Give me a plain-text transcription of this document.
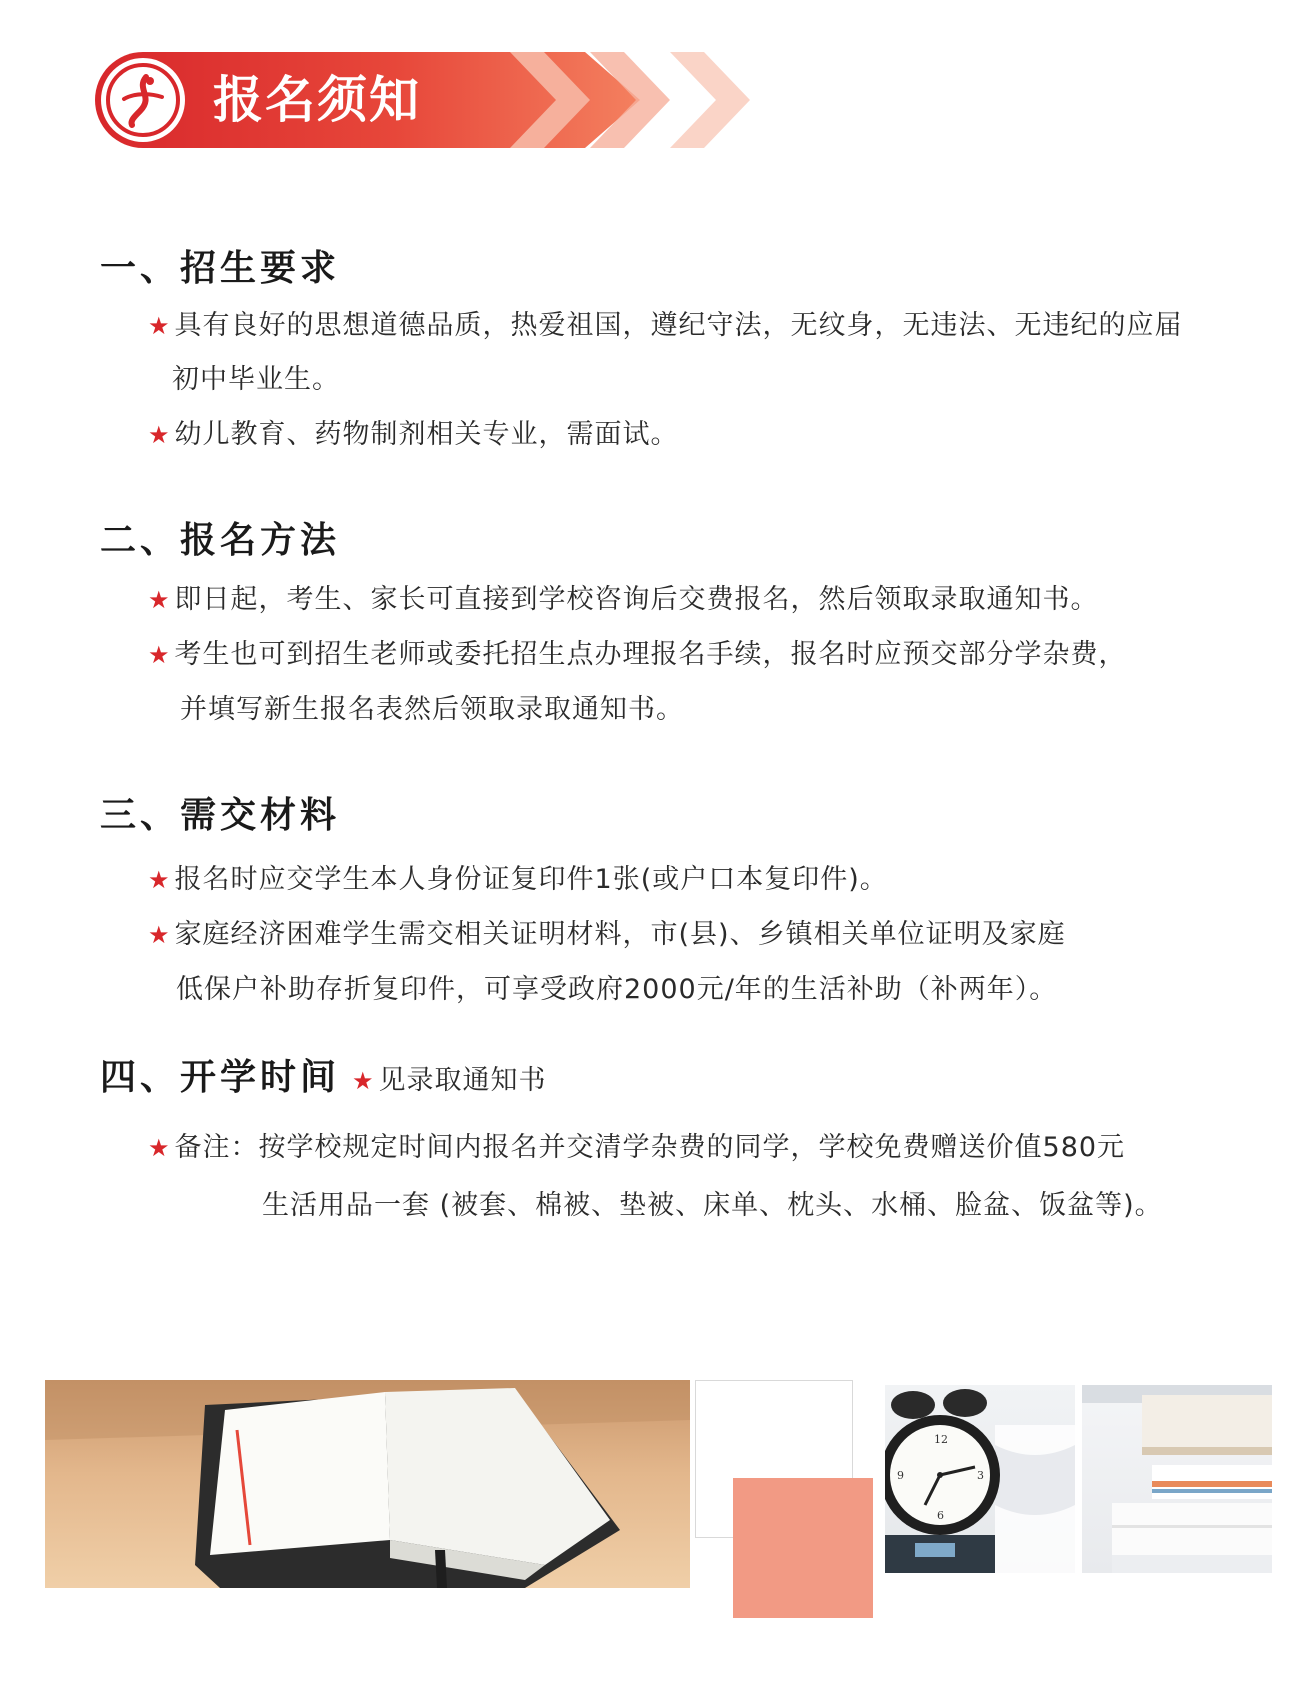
报名须知
一、招生要求
★ 具有良好的思想道德品质，热爱祖国，遵纪守法，无纹身，无违法、无违纪的应届
初中毕业生。
★ 幼儿教育、药物制剂相关专业，需面试。
二、报名方法
★ 即日起，考生、家长可直接到学校咨询后交费报名，然后领取录取通知书。
★ 考生也可到招生老师或委托招生点办理报名手续，报名时应预交部分学杂费，
并填写新生报名表然后领取录取通知书。
三、需交材料
★ 报名时应交学生本人身份证复印件1张(或户口本复印件)。
★ 家庭经济困难学生需交相关证明材料，市(县)、乡镇相关单位证明及家庭
低保户补助存折复印件，可享受政府2000元/年的生活补助（补两年）。
四、开学时间 ★ 见录取通知书
★ 备注：按学校规定时间内报名并交清学杂费的同学，学校免费赠送价值580元
生活用品一套 (被套、棉被、垫被、床单、枕头、水桶、脸盆、饭盆等)。
12
3
6
9
